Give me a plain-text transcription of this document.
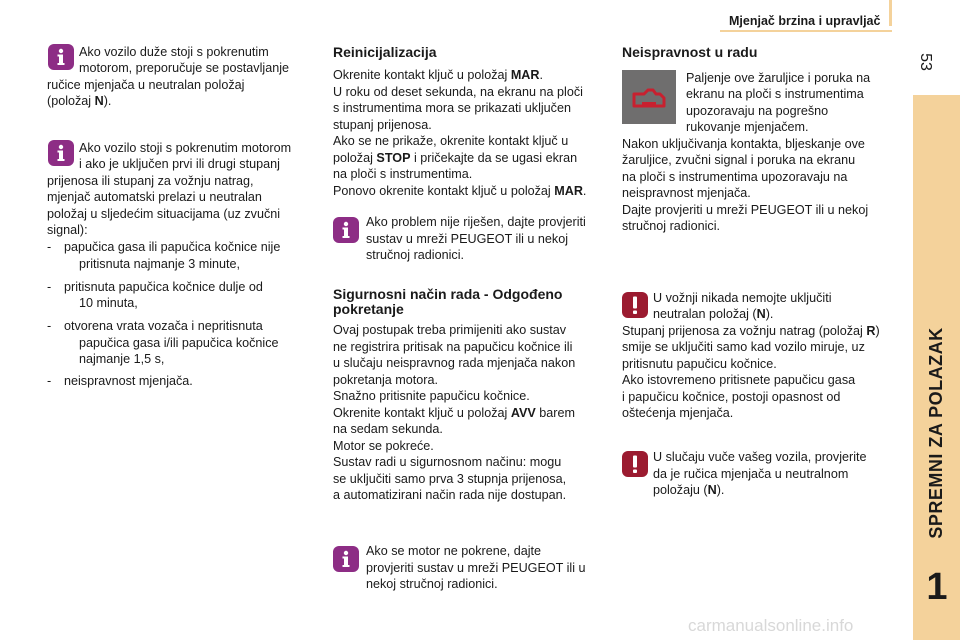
Mjenjač brzina i upravljač
53
SPREMNI ZA POLAZAK
1
Ako vozilo duže stoji s pokrenutim
motorom, preporučuje se postavljanje
ručice mjenjača u neutralan položaj
(položaj N).
Ako vozilo stoji s pokrenutim motorom
i ako je uključen prvi ili drugi stupanj
prijenosa ili stupanj za vožnju natrag,
mjenjač automatski prelazi u neutralan
položaj u sljedećim situacijama (uz zvučni
signal):
- papučica gasa ili papučica kočnice nije
pritisnuta najmanje 3 minute,
- pritisnuta papučica kočnice dulje od
10 minuta,
- otvorena vrata vozača i nepritisnuta
papučica gasa i/ili papučica kočnice
najmanje 1,5 s,
- neispravnost mjenjača.
Reinicijalizacija
Okrenite kontakt ključ u položaj MAR.
U roku od deset sekunda, na ekranu na ploči
s instrumentima mora se prikazati uključen
stupanj prijenosa.
Ako se ne prikaže, okrenite kontakt ključ u
položaj STOP i pričekajte da se ugasi ekran
na ploči s instrumentima.
Ponovo okrenite kontakt ključ u položaj MAR.
Ako problem nije riješen, dajte provjeriti
sustav u mreži PEUGEOT ili u nekoj
stručnoj radionici.
Sigurnosni način rada - Odgođeno
pokretanje
Ovaj postupak treba primijeniti ako sustav
ne registrira pritisak na papučicu kočnice ili
u slučaju neispravnog rada mjenjača nakon
pokretanja motora.
Snažno pritisnite papučicu kočnice.
Okrenite kontakt ključ u položaj AVV barem
na sedam sekunda.
Motor se pokreće.
Sustav radi u sigurnosnom načinu: mogu
se uključiti samo prva 3 stupnja prijenosa,
a automatizirani način rada nije dostupan.
Ako se motor ne pokrene, dajte
provjeriti sustav u mreži PEUGEOT ili u
nekoj stručnoj radionici.
Neispravnost u radu
Paljenje ove žaruljice i poruka na
ekranu na ploči s instrumentima
upozoravaju na pogrešno
rukovanje mjenjačem.
Nakon uključivanja kontakta, bljeskanje ove
žaruljice, zvučni signal i poruka na ekranu
na ploči s instrumentima upozoravaju na
neispravnost mjenjača.
Dajte provjeriti u mreži PEUGEOT ili u nekoj
stručnoj radionici.
U vožnji nikada nemojte uključiti
neutralan položaj (N).
Stupanj prijenosa za vožnju natrag (položaj R)
smije se uključiti samo kad vozilo miruje, uz
pritisnutu papučicu kočnice.
Ako istovremeno pritisnete papučicu gasa
i papučicu kočnice, postoji opasnost od
oštećenja mjenjača.
U slučaju vuče vašeg vozila, provjerite
da je ručica mjenjača u neutralnom
položaju (N).
carmanualsonline.info
